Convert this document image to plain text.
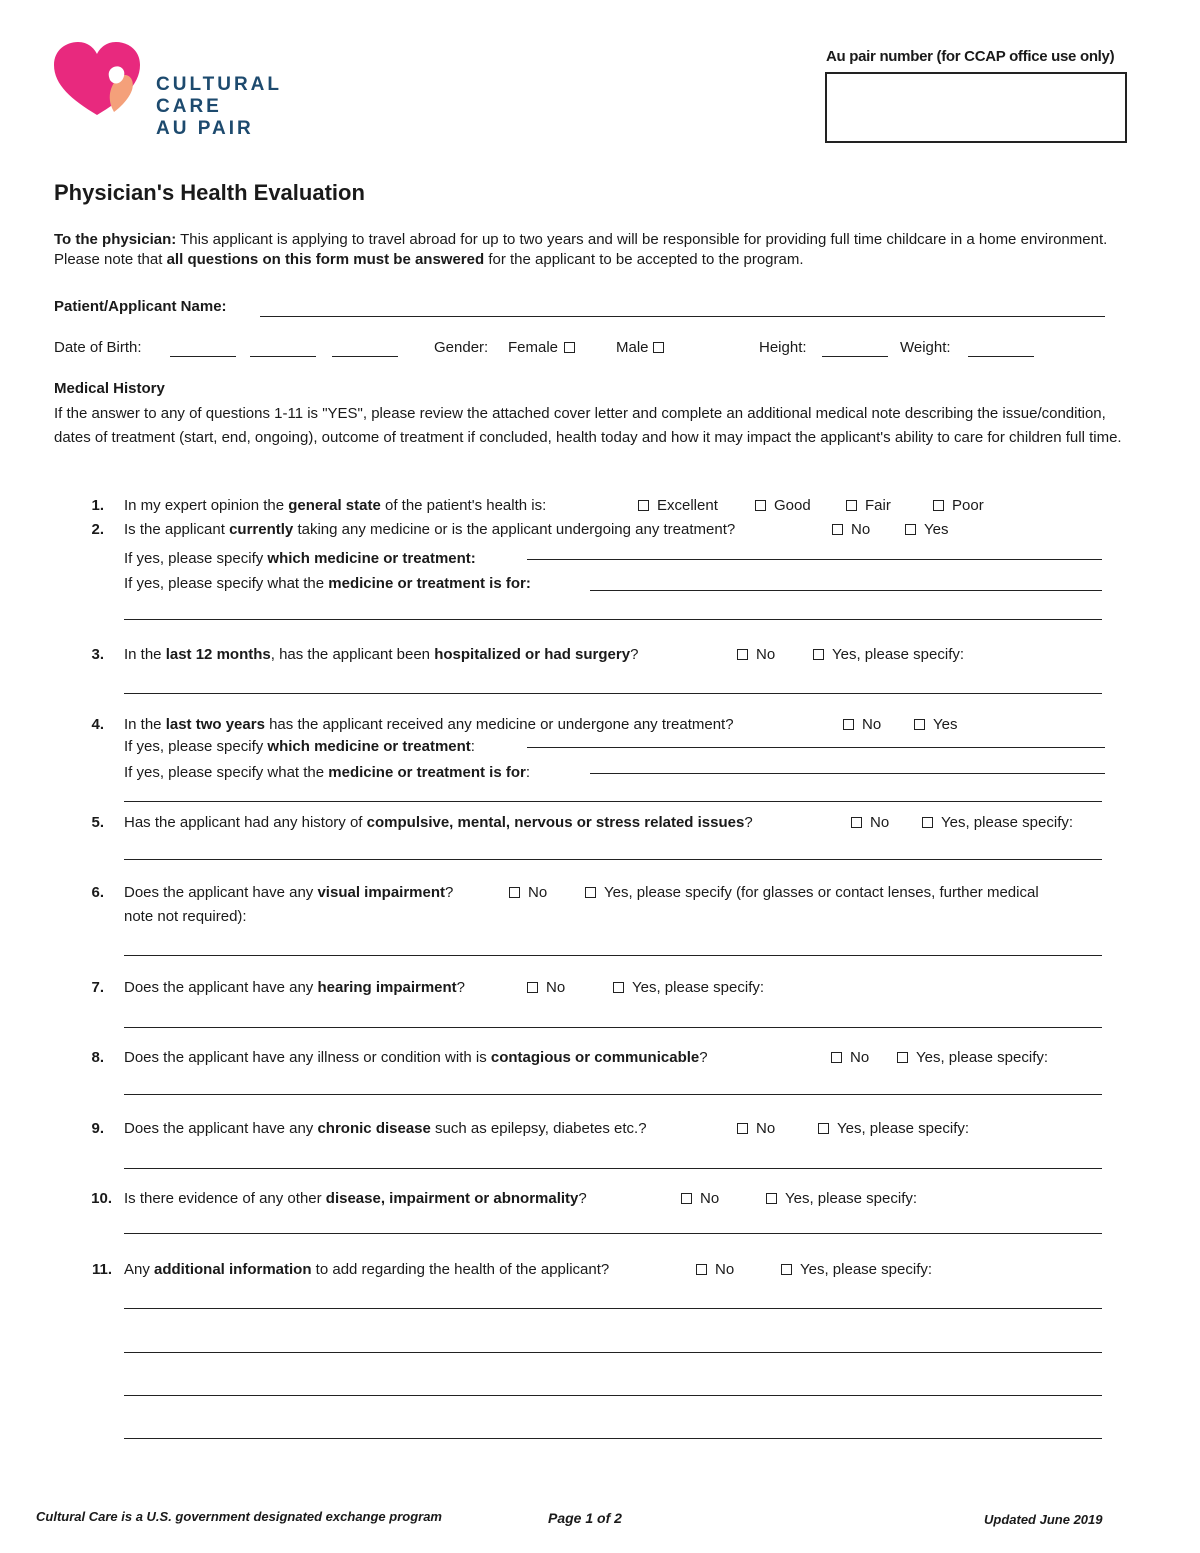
CULTURAL
CARE
AU PAIR
Au pair number (for CCAP office use only)
Physician's Health Evaluation
To the physician: This applicant is applying to travel abroad for up to two years and will be responsible for providing full time childcare in a home environment. Please note that all questions on this form must be answered for the applicant to be accepted to the program.
Patient/Applicant Name:
Date of Birth:	Gender: Female	Male	Height:	Weight:
Medical History
If the answer to any of questions 1-11 is "YES", please review the attached cover letter and complete an additional medical note describing the issue/condition, dates of treatment (start, end, ongoing), outcome of treatment if concluded, health today and how it may impact the applicant's ability to care for children full time.
1. In my expert opinion the general state of the patient's health is:	Excellent	Good	Fair	Poor
2. Is the applicant currently taking any medicine or is the applicant undergoing any treatment?	No	Yes
If yes, please specify which medicine or treatment:
If yes, please specify what the medicine or treatment is for:
3. In the last 12 months, has the applicant been hospitalized or had surgery?	No	Yes, please specify:
4. In the last two years has the applicant received any medicine or undergone any treatment?	No	Yes
If yes, please specify which medicine or treatment:
If yes, please specify what the medicine or treatment is for:
5. Has the applicant had any history of compulsive, mental, nervous or stress related issues?	No	Yes, please specify:
6. Does the applicant have any visual impairment?	No	Yes, please specify (for glasses or contact lenses, further medical
note not required):
7. Does the applicant have any hearing impairment?	No	Yes, please specify:
8. Does the applicant have any illness or condition with is contagious or communicable?	No	Yes, please specify:
9. Does the applicant have any chronic disease such as epilepsy, diabetes etc.?	No	Yes, please specify:
10. Is there evidence of any other disease, impairment or abnormality?	No	Yes, please specify:
11. Any additional information to add regarding the health of the applicant?	No	Yes, please specify:
Cultural Care is a U.S. government designated exchange program	Page 1 of 2	Updated June 2019
